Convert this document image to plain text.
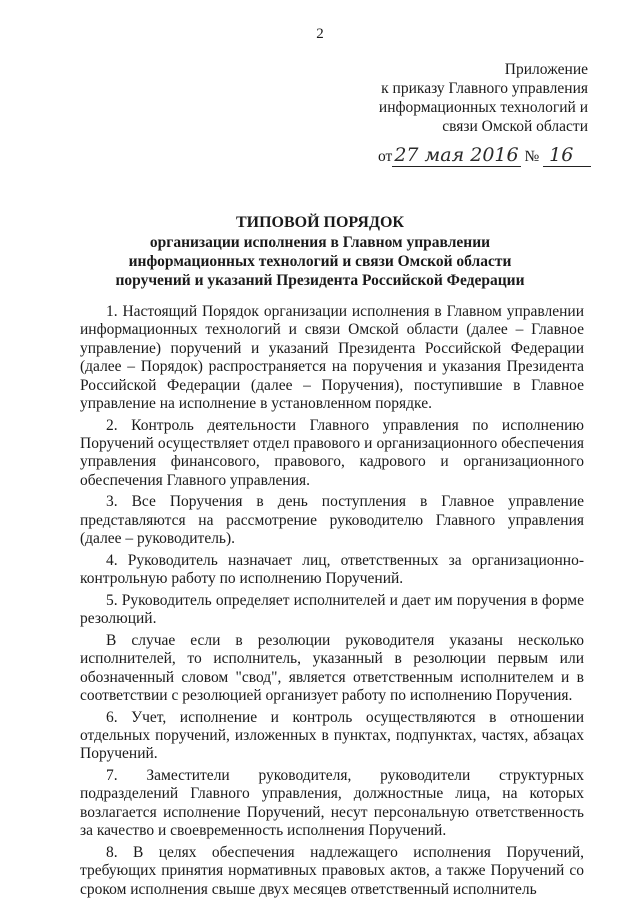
2
Приложение
к приказу Главного управления
информационных технологий и
связи Омской области
от 27 мая 2016 № 16
ТИПОВОЙ ПОРЯДОК
организации исполнения в Главном управлении
информационных технологий и связи Омской области
поручений и указаний Президента Российской Федерации

1. Настоящий Порядок организации исполнения в Главном управлении информационных технологий и связи Омской области (далее – Главное управление) поручений и указаний Президента Российской Федерации (далее – Порядок) распространяется на поручения и указания Президента Российской Федерации (далее – Поручения), поступившие в Главное управление на исполнение в установленном порядке.

2. Контроль деятельности Главного управления по исполнению Поручений осуществляет отдел правового и организационного обеспечения управления финансового, правового, кадрового и организационного обеспечения Главного управления.

3. Все Поручения в день поступления в Главное управление представляются на рассмотрение руководителю Главного управления (далее – руководитель).

4. Руководитель назначает лиц, ответственных за организационно-контрольную работу по исполнению Поручений.

5. Руководитель определяет исполнителей и дает им поручения в форме резолюций.

В случае если в резолюции руководителя указаны несколько исполнителей, то исполнитель, указанный в резолюции первым или обозначенный словом "свод", является ответственным исполнителем и в соответствии с резолюцией организует работу по исполнению Поручения.

6. Учет, исполнение и контроль осуществляются в отношении отдельных поручений, изложенных в пунктах, подпунктах, частях, абзацах Поручений.

7. Заместители руководителя, руководители структурных подразделений Главного управления, должностные лица, на которых возлагается исполнение Поручений, несут персональную ответственность за качество и своевременность исполнения Поручений.

8. В целях обеспечения надлежащего исполнения Поручений, требующих принятия нормативных правовых актов, а также Поручений со сроком исполнения свыше двух месяцев ответственный исполнитель
